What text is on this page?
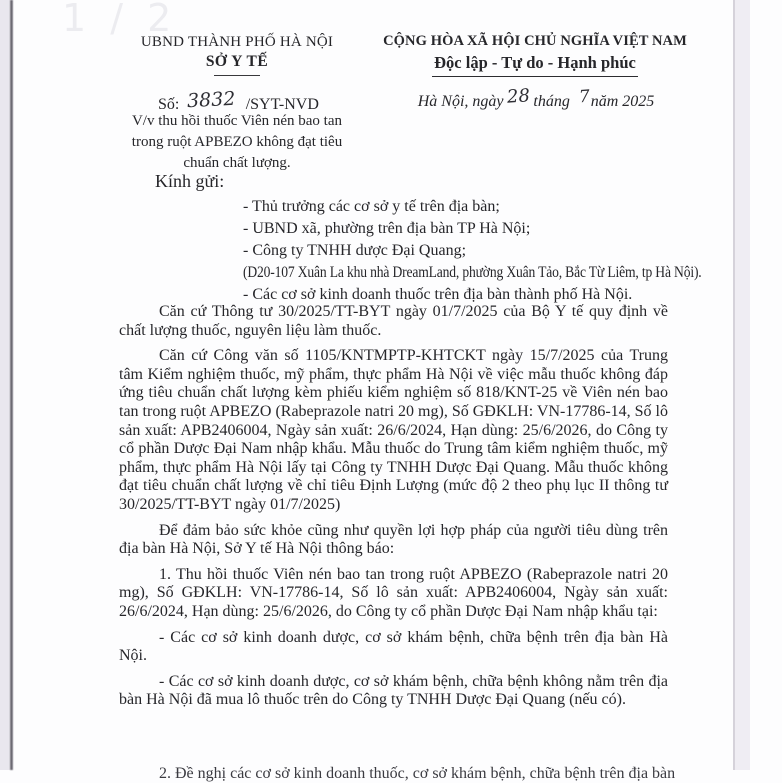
1 / 2
UBND THÀNH PHỐ HÀ NỘI
SỞ Y TẾ
CỘNG HÒA XÃ HỘI CHỦ NGHĨA VIỆT NAM
Độc lập - Tự do - Hạnh phúc
Số: 3832 /SYT-NVD	Hà Nội, ngày 28 tháng 7năm 2025
V/v thu hồi thuốc Viên nén bao tan
trong ruột APBEZO không đạt tiêu
chuẩn chất lượng.
Kính gửi:
- Thủ trưởng các cơ sở y tế trên địa bàn;
- UBND xã, phường trên địa bàn TP Hà Nội;
- Công ty TNHH dược Đại Quang;
(D20-107 Xuân La khu nhà DreamLand, phường Xuân Tảo, Bắc Từ Liêm, tp Hà Nội).
- Các cơ sở kinh doanh thuốc trên địa bàn thành phố Hà Nội.

Căn cứ Thông tư 30/2025/TT-BYT ngày 01/7/2025 của Bộ Y tế quy định về chất lượng thuốc, nguyên liệu làm thuốc.

Căn cứ Công văn số 1105/KNTMPTP-KHTCKT ngày 15/7/2025 của Trung tâm Kiểm nghiệm thuốc, mỹ phẩm, thực phẩm Hà Nội về việc mẫu thuốc không đáp ứng tiêu chuẩn chất lượng kèm phiếu kiểm nghiệm số 818/KNT-25 về Viên nén bao tan trong ruột APBEZO (Rabeprazole natri 20 mg), Số GĐKLH: VN-17786-14, Số lô sản xuất: APB2406004, Ngày sản xuất: 26/6/2024, Hạn dùng: 25/6/2026, do Công ty cổ phần Dược Đại Nam nhập khẩu. Mẫu thuốc do Trung tâm kiểm nghiệm thuốc, mỹ phẩm, thực phẩm Hà Nội lấy tại Công ty TNHH Dược Đại Quang. Mẫu thuốc không đạt tiêu chuẩn chất lượng về chỉ tiêu Định Lượng (mức độ 2 theo phụ lục II thông tư 30/2025/TT-BYT ngày 01/7/2025)

Để đảm bảo sức khỏe cũng như quyền lợi hợp pháp của người tiêu dùng trên địa bàn Hà Nội, Sở Y tế Hà Nội thông báo:

1. Thu hồi thuốc Viên nén bao tan trong ruột APBEZO (Rabeprazole natri 20 mg), Số GĐKLH: VN-17786-14, Số lô sản xuất: APB2406004, Ngày sản xuất: 26/6/2024, Hạn dùng: 25/6/2026, do Công ty cổ phần Dược Đại Nam nhập khẩu tại:

- Các cơ sở kinh doanh dược, cơ sở khám bệnh, chữa bệnh trên địa bàn Hà Nội.

- Các cơ sở kinh doanh dược, cơ sở khám bệnh, chữa bệnh không nằm trên địa bàn Hà Nội đã mua lô thuốc trên do Công ty TNHH Dược Đại Quang (nếu có).

2. Đề nghị các cơ sở kinh doanh thuốc, cơ sở khám bệnh, chữa bệnh trên địa bàn
